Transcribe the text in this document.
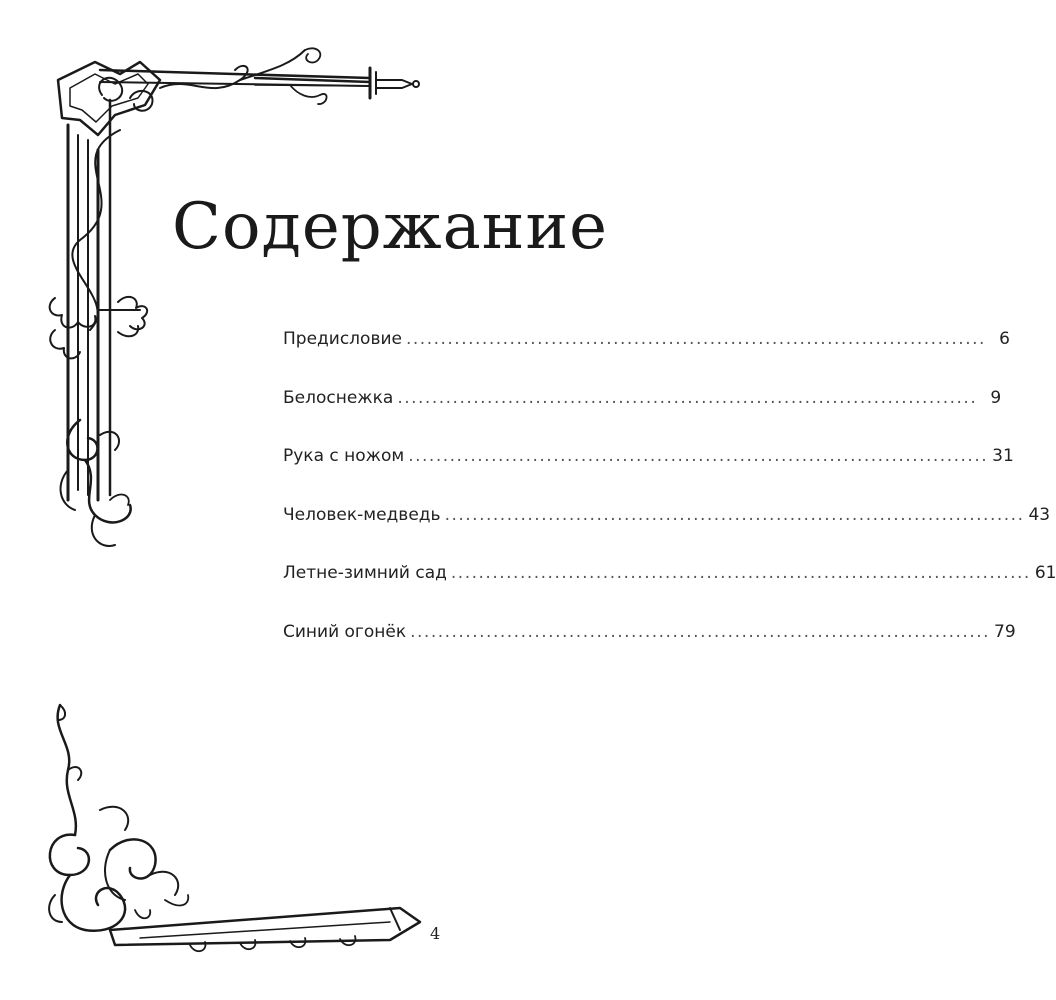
Содержание
Предисловие .................................................................................... 6
Белоснежка .................................................................................... 9
Рука с ножом .................................................................................... 31
Человек-медведь .................................................................................... 43
Летне-зимний сад .................................................................................... 61
Синий огонёк .................................................................................... 79
4
